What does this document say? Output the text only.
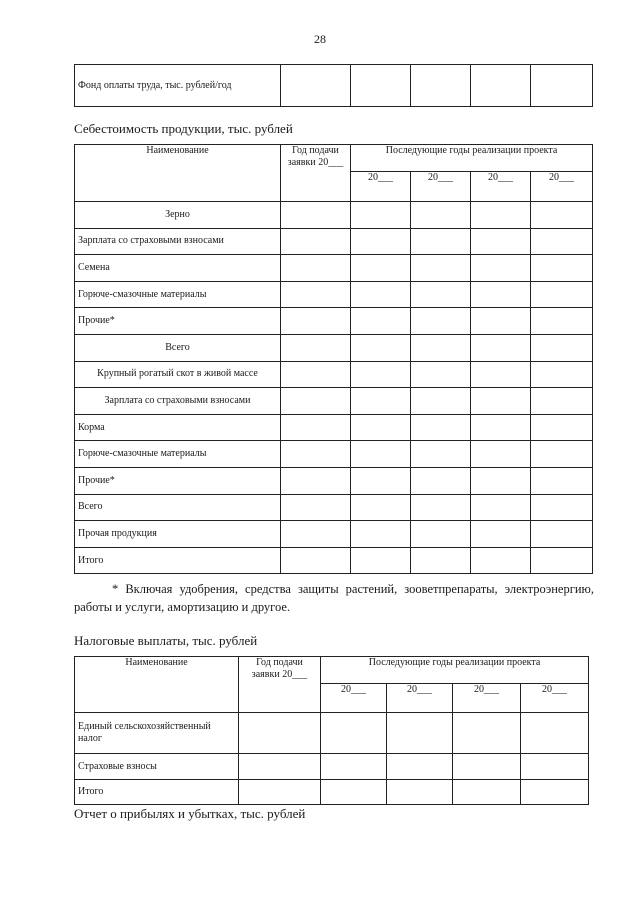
28
Фонд оплаты труда, тыс. рублей/год					
Себестоимость продукции, тыс. рублей
Наименование	Год подачи заявки 20___	Последующие годы реализации проекта			
		20___	20___	20___	20___
Зерно					
Зарплата со страховыми взносами					
Семена					
Горюче-смазочные материалы					
Прочие*					
Всего					
Крупный рогатый скот в живой массе					
Зарплата со страховыми взносами					
Корма					
Горюче-смазочные материалы					
Прочие*					
Всего					
Прочая продукция					
Итого					
* Включая удобрения, средства защиты растений, зооветпрепараты, электроэнергию, работы и услуги, амортизацию и другое.
Налоговые выплаты, тыс. рублей
Наименование	Год подачи заявки 20___	Последующие годы реализации проекта			
		20___	20___	20___	20___
Единый сельскохозяйственный налог					
Страховые взносы					
Итого					
Отчет о прибылях и убытках, тыс. рублей
